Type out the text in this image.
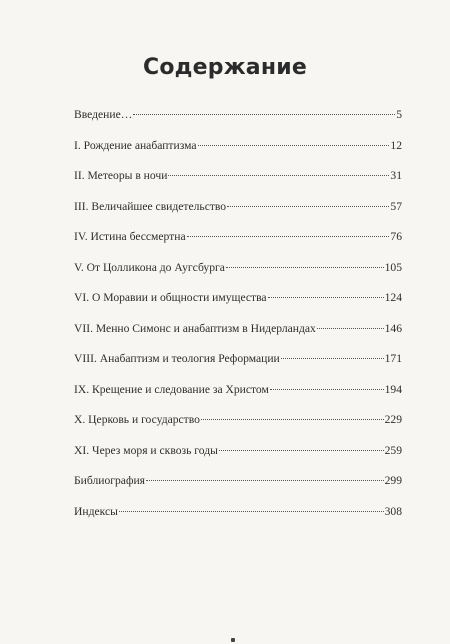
Содержание
Введение…	5
I. Рождение анабаптизма	12
II. Метеоры в ночи	31
III. Величайшее свидетельство	57
IV. Истина бессмертна	76
V. От Цолликона до Аугсбурга	105
VI. О Моравии и общности имущества	124
VII. Менно Симонс и анабаптизм в Нидерландах	146
VIII. Анабаптизм и теология Реформации	171
IX. Крещение и следование за Христом	194
X. Церковь и государство	229
XI. Через моря и сквозь годы	259
Библиография	299
Индексы	308
